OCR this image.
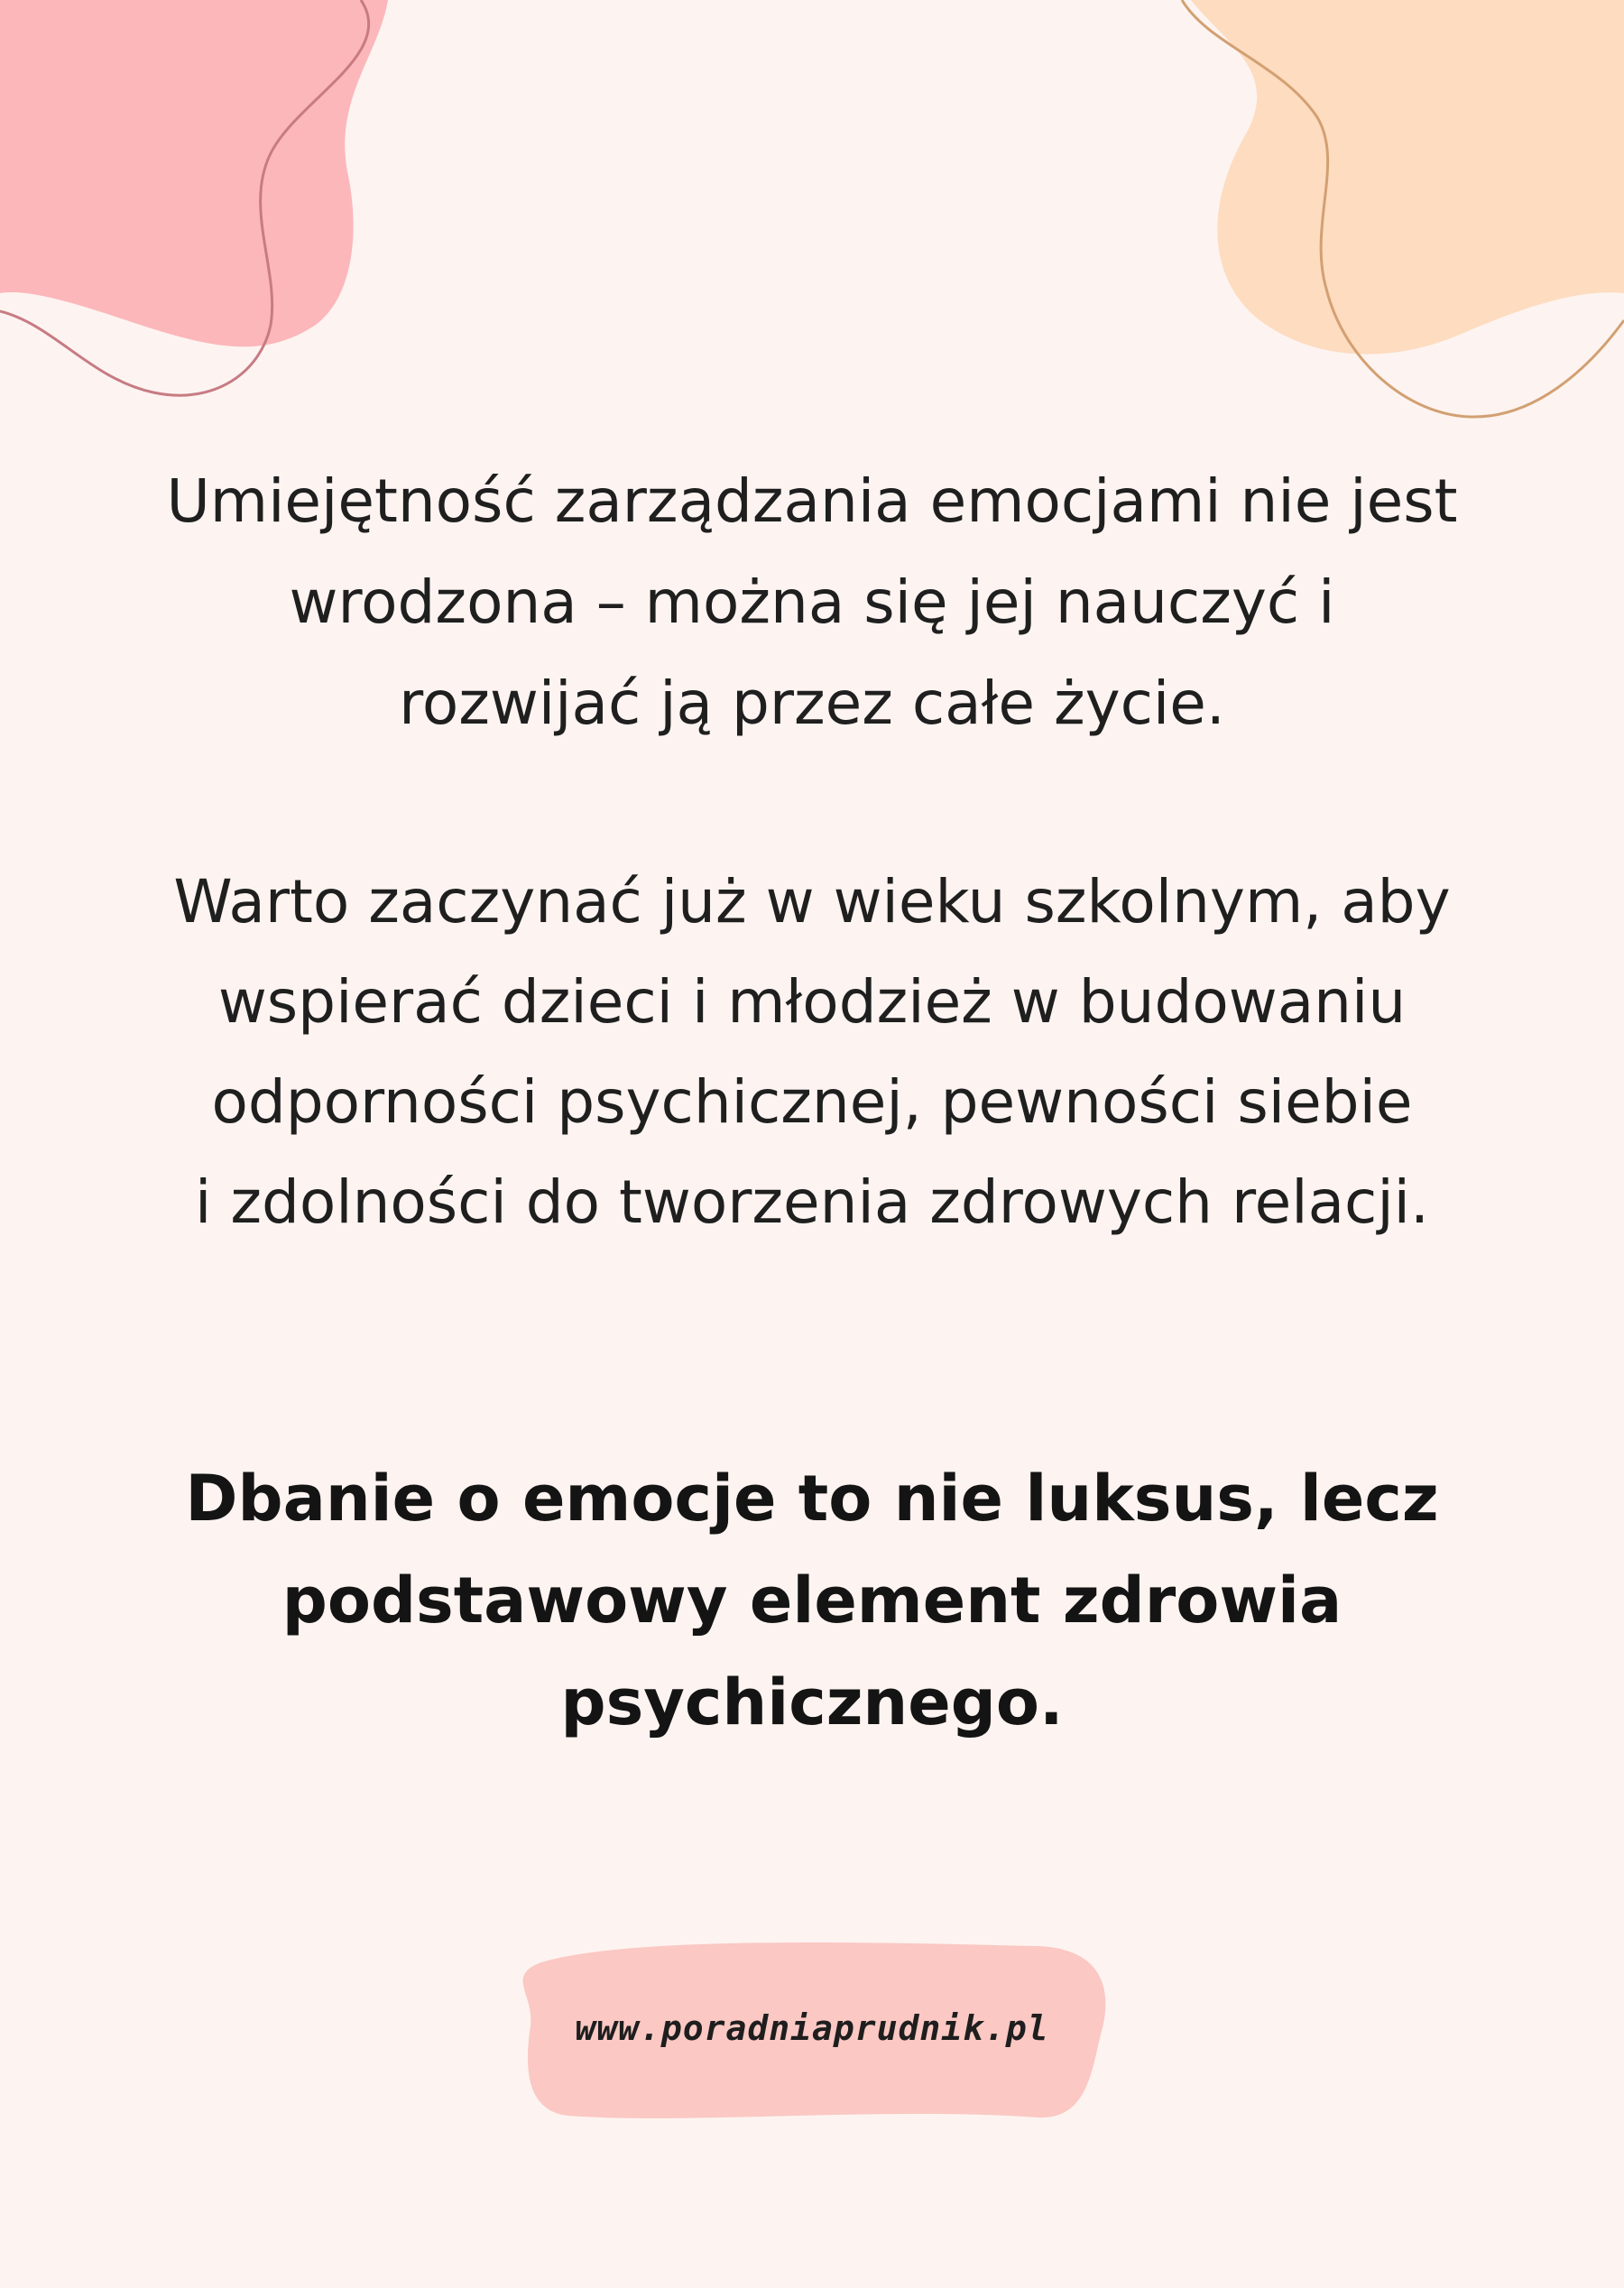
Umiejętność zarządzania emocjami nie jest
wrodzona – można się jej nauczyć i
rozwijać ją przez całe życie.
Warto zaczynać już w wieku szkolnym, aby
wspierać dzieci i młodzież w budowaniu
odporności psychicznej, pewności siebie
i zdolności do tworzenia zdrowych relacji.
Dbanie o emocje to nie luksus, lecz
podstawowy element zdrowia
psychicznego.

www.poradniaprudnik.pl
